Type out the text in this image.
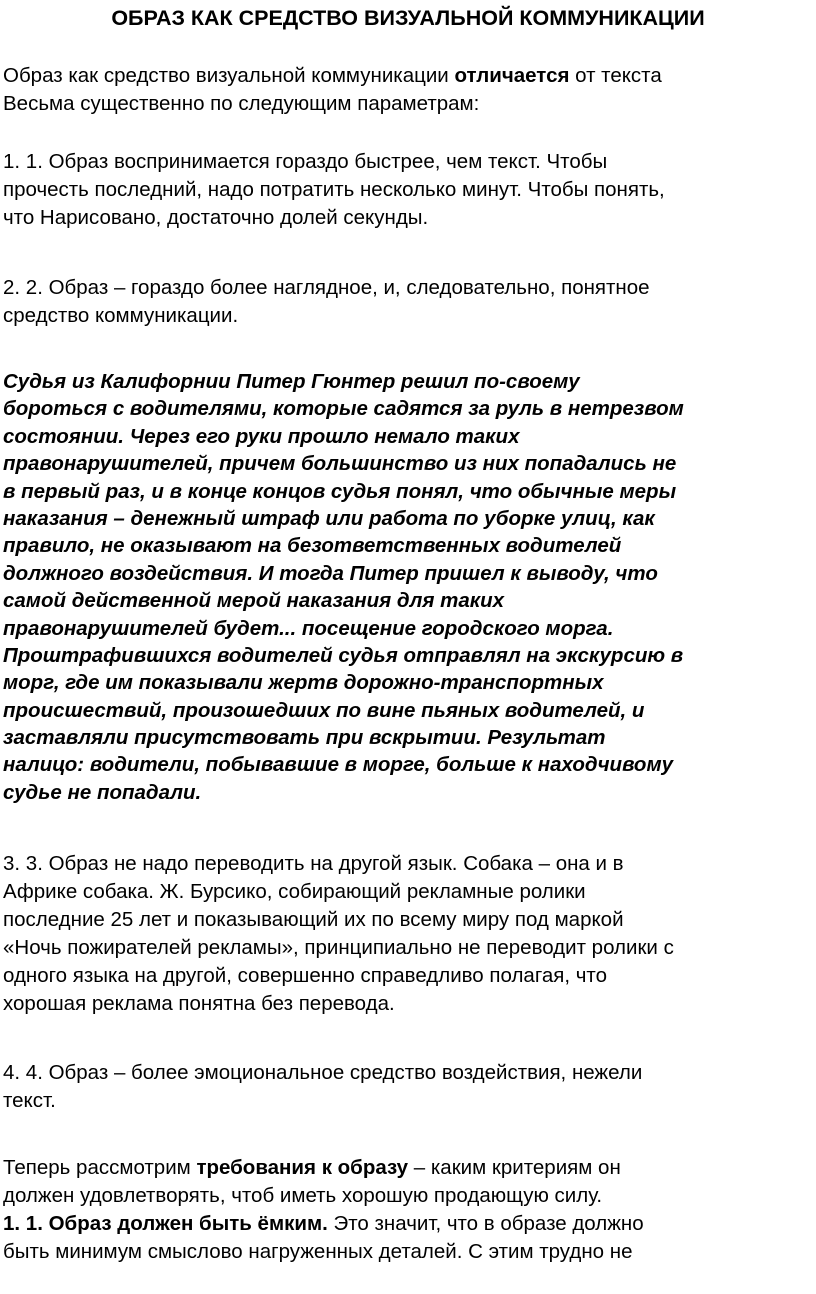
ОБРАЗ КАК СРЕДСТВО ВИЗУАЛЬНОЙ КОММУНИКАЦИИ
Образ как средство визуальной коммуникации отличается от текста
Весьма существенно по следующим параметрам:
1. 1. Образ воспринимается гораздо быстрее, чем текст. Чтобы
прочесть последний, надо потратить несколько минут. Чтобы понять,
что Нарисовано, достаточно долей секунды.
2. 2. Образ – гораздо более наглядное, и, следовательно, понятное
средство коммуникации.
Судья из Калифорнии Питер Гюнтер решил по-своему
бороться с водителями, которые садятся за руль в нетрезвом
состоянии. Через его руки прошло немало таких
правонарушителей, причем большинство из них попадались не
в первый раз, и в конце концов судья понял, что обычные меры
наказания – денежный штраф или работа по уборке улиц, как
правило, не оказывают на безответственных водителей
должного воздействия. И тогда Питер пришел к выводу, что
самой действенной мерой наказания для таких
правонарушителей будет... посещение городского морга.
Проштрафившихся водителей судья отправлял на экскурсию в
морг, где им показывали жертв дорожно-транспортных
происшествий, произошедших по вине пьяных водителей, и
заставляли присутствовать при вскрытии. Результат
налицо: водители, побывавшие в морге, больше к находчивому
судье не попадали.
3. 3. Образ не надо переводить на другой язык. Собака – она и в
Африке собака. Ж. Бурсико, собирающий рекламные ролики
последние 25 лет и показывающий их по всему миру под маркой
«Ночь пожирателей рекламы», принципиально не переводит ролики с
одного языка на другой, совершенно справедливо полагая, что
хорошая реклама понятна без перевода.
4. 4. Образ – более эмоциональное средство воздействия, нежели
текст.
Теперь рассмотрим требования к образу – каким критериям он
должен удовлетворять, чтоб иметь хорошую продающую силу.
1. 1. Образ должен быть ёмким. Это значит, что в образе должно
быть минимум смыслово нагруженных деталей. С этим трудно не
